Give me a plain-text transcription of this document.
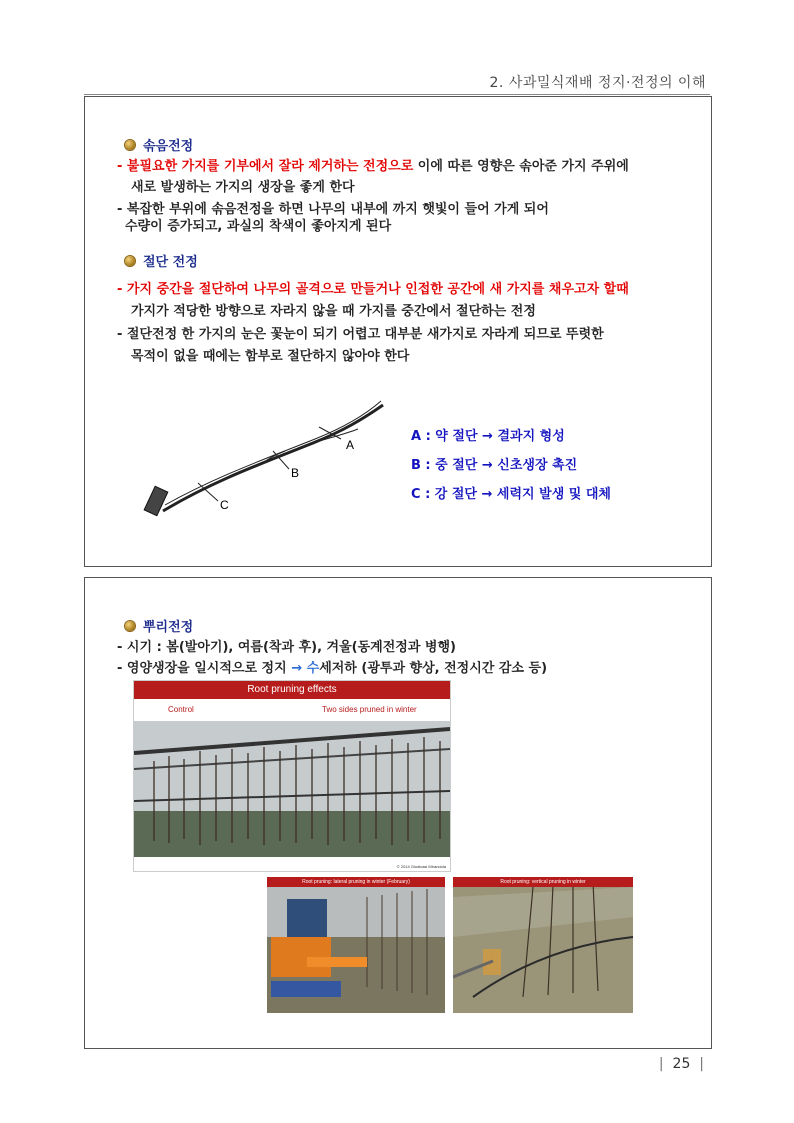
2. 사과밀식재배 정지·전정의 이해
솎음전정
- 불필요한 가지를 기부에서 잘라 제거하는 전정으로 이에 따른 영향은 솎아준 가지 주위에
새로 발생하는 가지의 생장을 좋게 한다
- 복잡한 부위에 솎음전정을 하면 나무의 내부에 까지 햇빛이 들어 가게 되어
수량이 증가되고, 과실의 착색이 좋아지게 된다
절단 전정
- 가지 중간을 절단하여 나무의 골격으로 만들거나 인접한 공간에 새 가지를 채우고자 할때
가지가 적당한 방향으로 자라지 않을 때 가지를 중간에서 절단하는 전정
- 절단전정 한 가지의 눈은 꽃눈이 되기 어렵고 대부분 새가지로 자라게 되므로 뚜렷한
목적이 없을 때에는 함부로 절단하지 않아야 한다
A
B
C
A : 약 절단 → 결과지 형성
B : 중 절단 → 신초생장 촉진
C : 강 절단 → 세력지 발생 및 대체
뿌리전정
- 시기 : 봄(발아기), 여름(착과 후), 겨울(동계전정과 병행)
- 영양생장을 일시적으로 정지 → 수세저하 (광투과 향상, 전정시간 감소 등)
Root pruning effects
Control	Two sides pruned in winter
© 2014 Giudicasi Mirandola
Root pruning: lateral pruning in winter (February)	Root pruning: vertical pruning in winter
| 25 |
